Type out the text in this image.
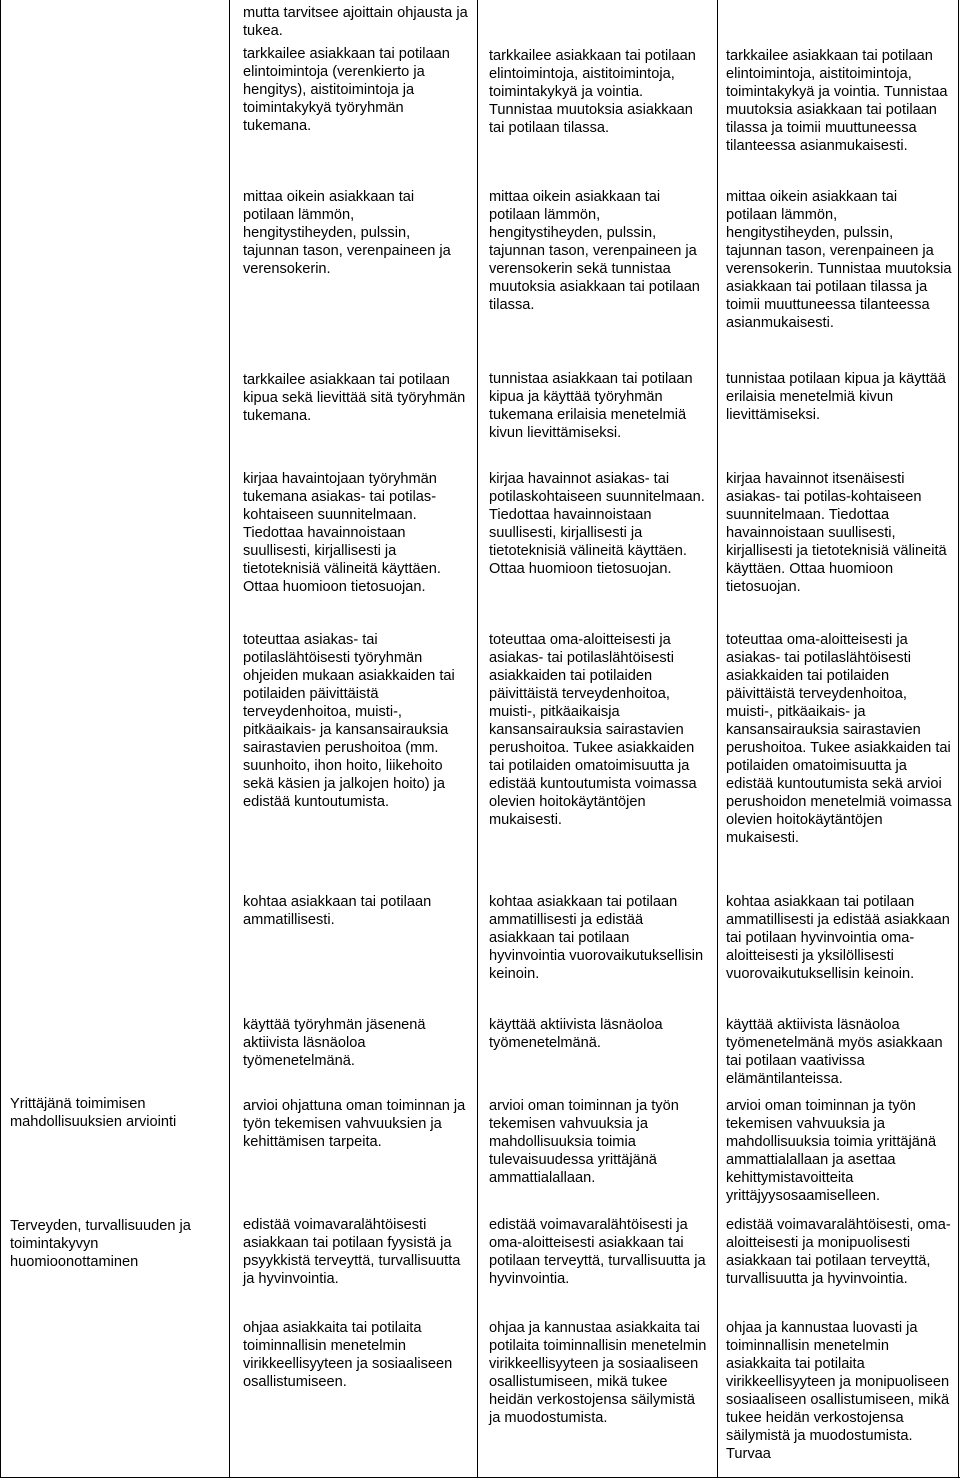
Yrittäjänä toimimisen mahdollisuuksien arviointi

Terveyden, turvallisuuden ja toimintakyvyn huomioonottaminen

mutta tarvitsee ajoittain ohjausta ja tukea.

tarkkailee asiakkaan tai potilaan elintoimintoja (verenkierto ja hengitys), aistitoimintoja ja toimintakykyä työryhmän tukemana.

mittaa oikein asiakkaan tai potilaan lämmön, hengitystiheyden, pulssin, tajunnan tason, verenpaineen ja verensokerin.

tarkkailee asiakkaan tai potilaan kipua sekä lievittää sitä työryhmän tukemana.

kirjaa havaintojaan työryhmän tukemana asiakas- tai potilas-kohtaiseen suunnitelmaan. Tiedottaa havainnoistaan suullisesti, kirjallisesti ja tietoteknisiä välineitä käyttäen. Ottaa huomioon tietosuojan.

toteuttaa asiakas- tai potilaslähtöisesti työryhmän ohjeiden mukaan asiakkaiden tai potilaiden päivittäistä terveydenhoitoa, muisti-, pitkäaikais- ja kansansairauksia sairastavien perushoitoa (mm. suunhoito, ihon hoito, liikehoito sekä käsien ja jalkojen hoito) ja edistää kuntoutumista.

kohtaa asiakkaan tai potilaan ammatillisesti.

käyttää työryhmän jäsenenä aktiivista läsnäoloa työmenetelmänä.

arvioi ohjattuna oman toiminnan ja työn tekemisen vahvuuksien ja kehittämisen tarpeita.

edistää voimavaralähtöisesti asiakkaan tai potilaan fyysistä ja psyykkistä terveyttä, turvallisuutta ja hyvinvointia.

ohjaa asiakkaita tai potilaita toiminnallisin menetelmin virikkeellisyyteen ja sosiaaliseen osallistumiseen.

tarkkailee asiakkaan tai potilaan elintoimintoja, aistitoimintoja, toimintakykyä ja vointia. Tunnistaa muutoksia asiakkaan tai potilaan tilassa.

mittaa oikein asiakkaan tai potilaan lämmön, hengitystiheyden, pulssin, tajunnan tason, verenpaineen ja verensokerin sekä tunnistaa muutoksia asiakkaan tai potilaan tilassa.

tunnistaa asiakkaan tai potilaan kipua ja käyttää työryhmän tukemana erilaisia menetelmiä kivun lievittämiseksi.

kirjaa havainnot asiakas- tai potilaskohtaiseen suunnitelmaan. Tiedottaa havainnoistaan suullisesti, kirjallisesti ja tietoteknisiä välineitä käyttäen. Ottaa huomioon tietosuojan.

toteuttaa oma-aloitteisesti ja asiakas- tai potilaslähtöisesti asiakkaiden tai potilaiden päivittäistä terveydenhoitoa, muisti-, pitkäaikaisja kansansairauksia sairastavien perushoitoa. Tukee asiakkaiden tai potilaiden omatoimisuutta ja edistää kuntoutumista voimassa olevien hoitokäytäntöjen mukaisesti.

kohtaa asiakkaan tai potilaan ammatillisesti ja edistää asiakkaan tai potilaan hyvinvointia vuorovaikutuksellisin keinoin.

käyttää aktiivista läsnäoloa työmenetelmänä.

arvioi oman toiminnan ja työn tekemisen vahvuuksia ja mahdollisuuksia toimia tulevaisuudessa yrittäjänä ammattialallaan.

edistää voimavaralähtöisesti ja oma-aloitteisesti asiakkaan tai potilaan terveyttä, turvallisuutta ja hyvinvointia.

ohjaa ja kannustaa asiakkaita tai potilaita toiminnallisin menetelmin virikkeellisyyteen ja sosiaaliseen osallistumiseen, mikä tukee heidän verkostojensa säilymistä ja muodostumista.

tarkkailee asiakkaan tai potilaan elintoimintoja, aistitoimintoja, toimintakykyä ja vointia. Tunnistaa muutoksia asiakkaan tai potilaan tilassa ja toimii muuttuneessa tilanteessa asianmukaisesti.

mittaa oikein asiakkaan tai potilaan lämmön, hengitystiheyden, pulssin, tajunnan tason, verenpaineen ja verensokerin. Tunnistaa muutoksia asiakkaan tai potilaan tilassa ja toimii muuttuneessa tilanteessa asianmukaisesti.

tunnistaa potilaan kipua ja käyttää erilaisia menetelmiä kivun lievittämiseksi.

kirjaa havainnot itsenäisesti asiakas- tai potilas-kohtaiseen suunnitelmaan. Tiedottaa havainnoistaan suullisesti, kirjallisesti ja tietoteknisiä välineitä käyttäen. Ottaa huomioon tietosuojan.

toteuttaa oma-aloitteisesti ja asiakas- tai potilaslähtöisesti asiakkaiden tai potilaiden päivittäistä terveydenhoitoa, muisti-, pitkäaikais- ja kansansairauksia sairastavien perushoitoa. Tukee asiakkaiden tai potilaiden omatoimisuutta ja edistää kuntoutumista sekä arvioi perushoidon menetelmiä voimassa olevien hoitokäytäntöjen mukaisesti.

kohtaa asiakkaan tai potilaan ammatillisesti ja edistää asiakkaan tai potilaan hyvinvointia oma-aloitteisesti ja yksilöllisesti vuorovaikutuksellisin keinoin.

käyttää aktiivista läsnäoloa työmenetelmänä myös asiakkaan tai potilaan vaativissa elämäntilanteissa.

arvioi oman toiminnan ja työn tekemisen vahvuuksia ja mahdollisuuksia toimia yrittäjänä ammattialallaan ja asettaa kehittymistavoitteita yrittäjyysosaamiselleen.

edistää voimavaralähtöisesti, oma-aloitteisesti ja monipuolisesti asiakkaan tai potilaan terveyttä, turvallisuutta ja hyvinvointia.

ohjaa ja kannustaa luovasti ja toiminnallisin menetelmin asiakkaita tai potilaita virikkeellisyyteen ja monipuoliseen sosiaaliseen osallistumiseen, mikä tukee heidän verkostojensa säilymistä ja muodostumista. Turvaa
